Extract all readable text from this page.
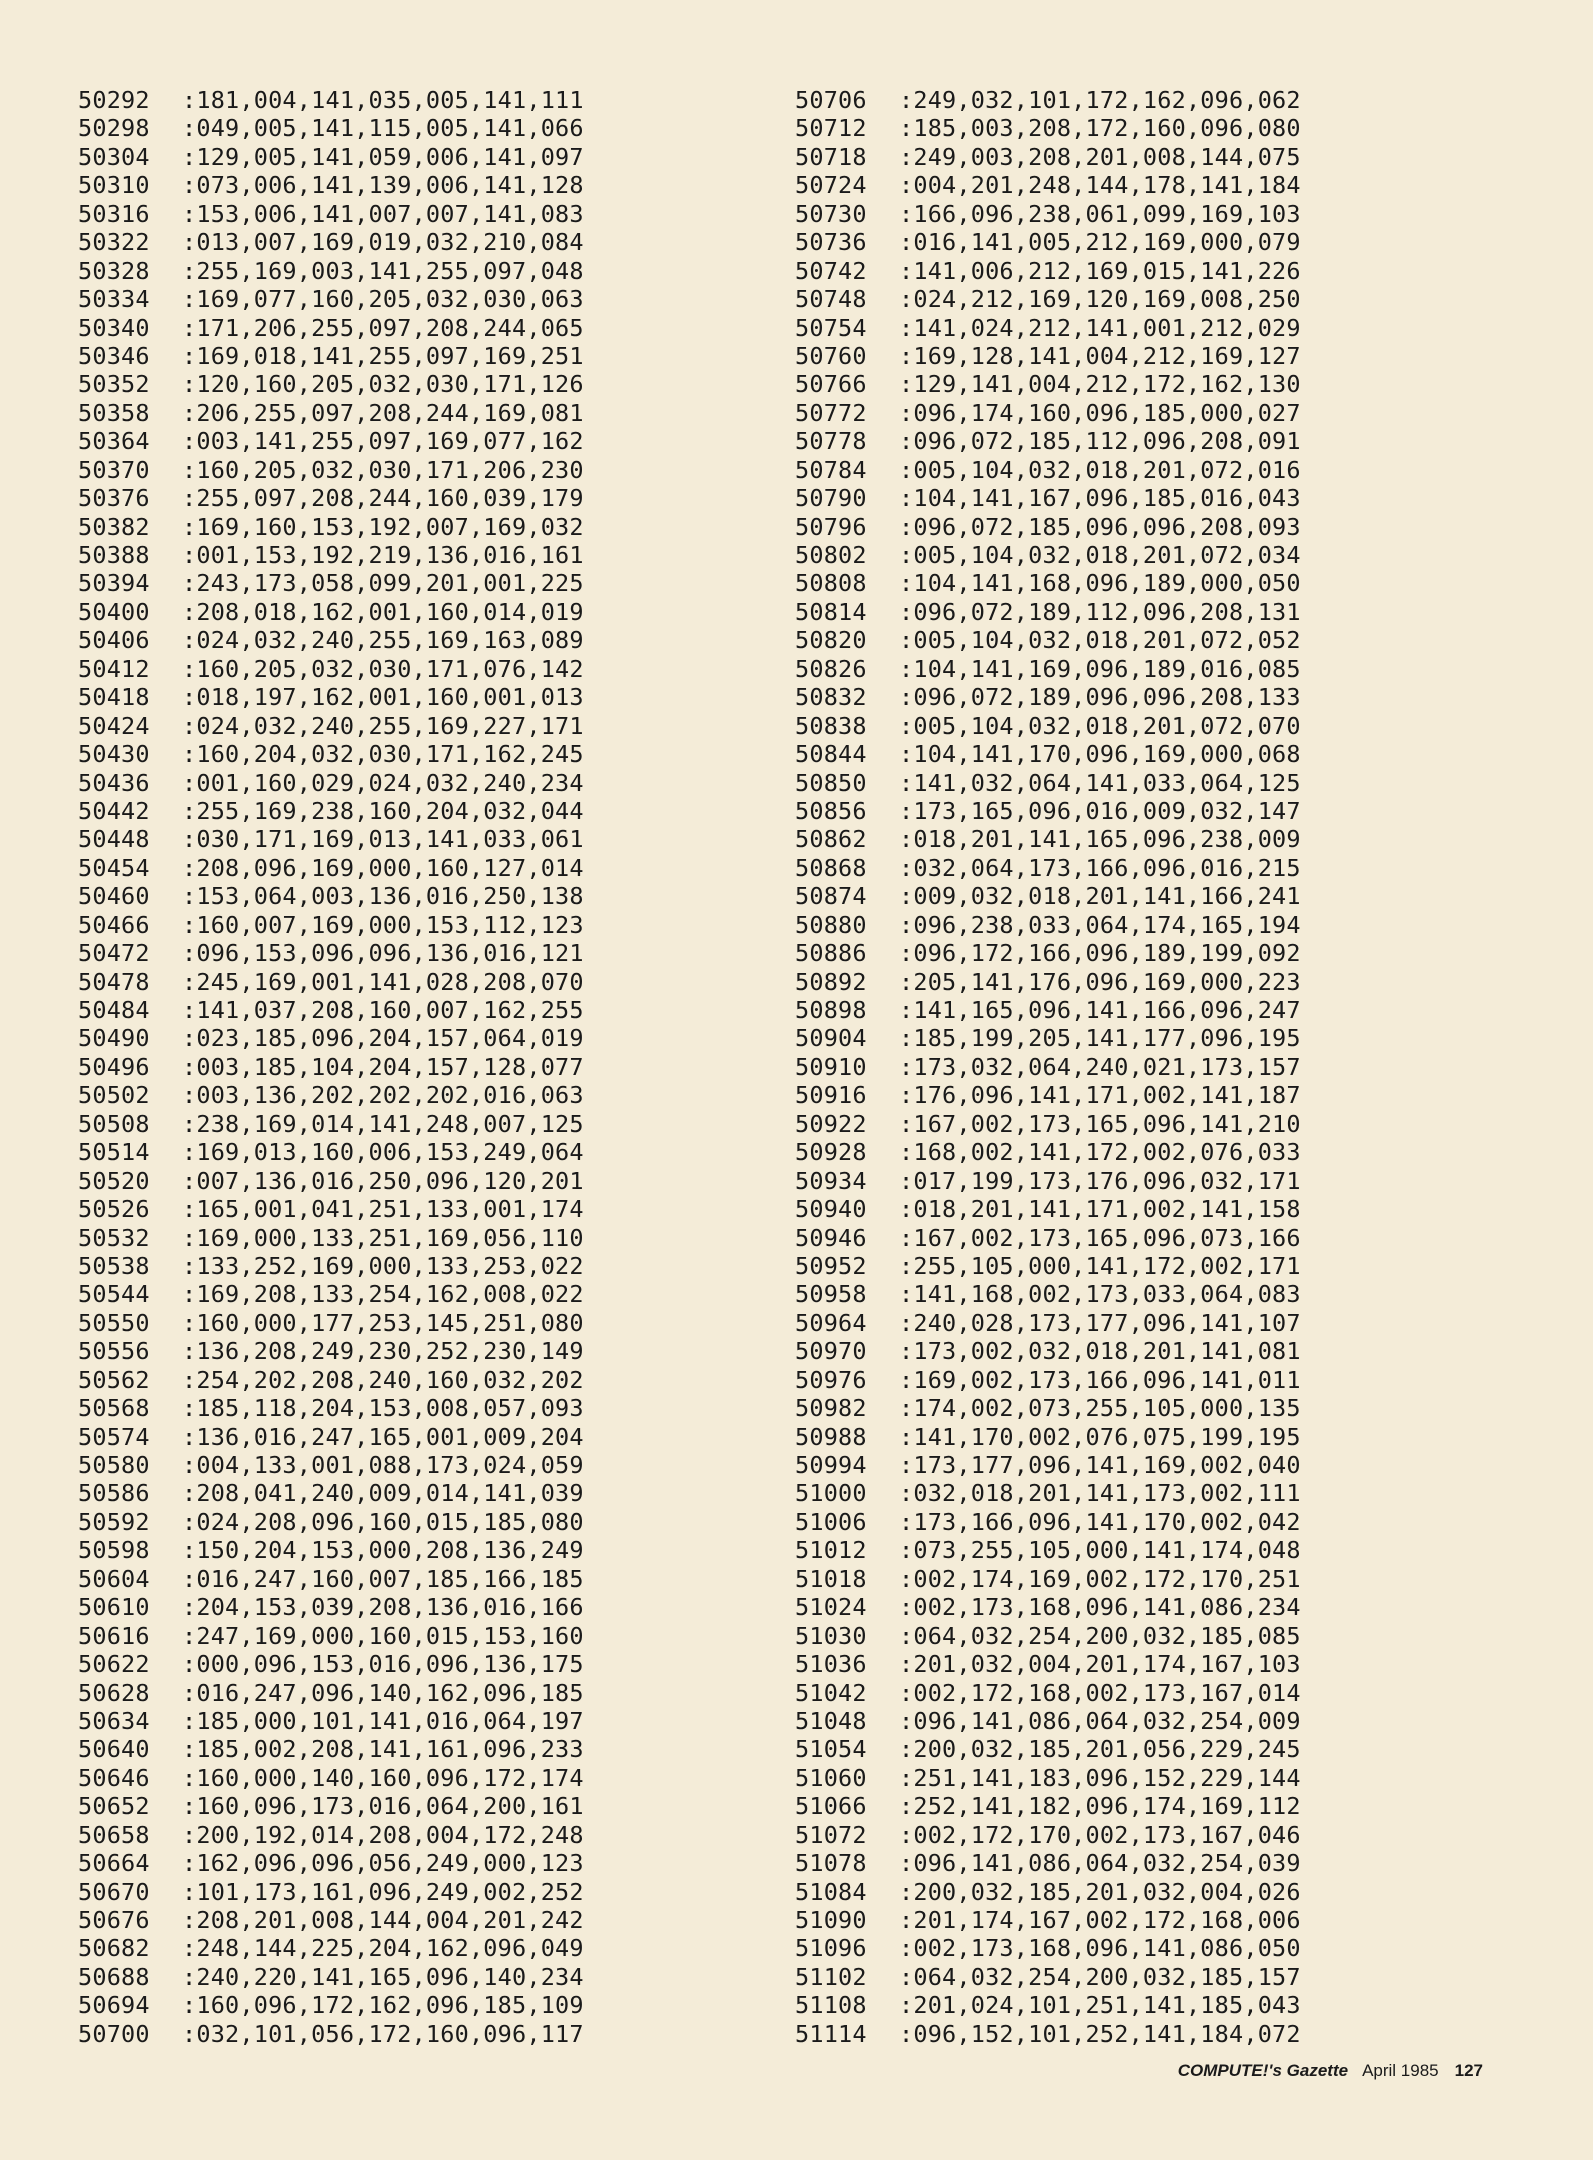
50292 :181,004,141,035,005,141,111
50298 :049,005,141,115,005,141,066
50304 :129,005,141,059,006,141,097
50310 :073,006,141,139,006,141,128
50316 :153,006,141,007,007,141,083
50322 :013,007,169,019,032,210,084
50328 :255,169,003,141,255,097,048
50334 :169,077,160,205,032,030,063
50340 :171,206,255,097,208,244,065
50346 :169,018,141,255,097,169,251
50352 :120,160,205,032,030,171,126
50358 :206,255,097,208,244,169,081
50364 :003,141,255,097,169,077,162
50370 :160,205,032,030,171,206,230
50376 :255,097,208,244,160,039,179
50382 :169,160,153,192,007,169,032
50388 :001,153,192,219,136,016,161
50394 :243,173,058,099,201,001,225
50400 :208,018,162,001,160,014,019
50406 :024,032,240,255,169,163,089
50412 :160,205,032,030,171,076,142
50418 :018,197,162,001,160,001,013
50424 :024,032,240,255,169,227,171
50430 :160,204,032,030,171,162,245
50436 :001,160,029,024,032,240,234
50442 :255,169,238,160,204,032,044
50448 :030,171,169,013,141,033,061
50454 :208,096,169,000,160,127,014
50460 :153,064,003,136,016,250,138
50466 :160,007,169,000,153,112,123
50472 :096,153,096,096,136,016,121
50478 :245,169,001,141,028,208,070
50484 :141,037,208,160,007,162,255
50490 :023,185,096,204,157,064,019
50496 :003,185,104,204,157,128,077
50502 :003,136,202,202,202,016,063
50508 :238,169,014,141,248,007,125
50514 :169,013,160,006,153,249,064
50520 :007,136,016,250,096,120,201
50526 :165,001,041,251,133,001,174
50532 :169,000,133,251,169,056,110
50538 :133,252,169,000,133,253,022
50544 :169,208,133,254,162,008,022
50550 :160,000,177,253,145,251,080
50556 :136,208,249,230,252,230,149
50562 :254,202,208,240,160,032,202
50568 :185,118,204,153,008,057,093
50574 :136,016,247,165,001,009,204
50580 :004,133,001,088,173,024,059
50586 :208,041,240,009,014,141,039
50592 :024,208,096,160,015,185,080
50598 :150,204,153,000,208,136,249
50604 :016,247,160,007,185,166,185
50610 :204,153,039,208,136,016,166
50616 :247,169,000,160,015,153,160
50622 :000,096,153,016,096,136,175
50628 :016,247,096,140,162,096,185
50634 :185,000,101,141,016,064,197
50640 :185,002,208,141,161,096,233
50646 :160,000,140,160,096,172,174
50652 :160,096,173,016,064,200,161
50658 :200,192,014,208,004,172,248
50664 :162,096,096,056,249,000,123
50670 :101,173,161,096,249,002,252
50676 :208,201,008,144,004,201,242
50682 :248,144,225,204,162,096,049
50688 :240,220,141,165,096,140,234
50694 :160,096,172,162,096,185,109
50700 :032,101,056,172,160,096,117
50706 :249,032,101,172,162,096,062
50712 :185,003,208,172,160,096,080
50718 :249,003,208,201,008,144,075
50724 :004,201,248,144,178,141,184
50730 :166,096,238,061,099,169,103
50736 :016,141,005,212,169,000,079
50742 :141,006,212,169,015,141,226
50748 :024,212,169,120,169,008,250
50754 :141,024,212,141,001,212,029
50760 :169,128,141,004,212,169,127
50766 :129,141,004,212,172,162,130
50772 :096,174,160,096,185,000,027
50778 :096,072,185,112,096,208,091
50784 :005,104,032,018,201,072,016
50790 :104,141,167,096,185,016,043
50796 :096,072,185,096,096,208,093
50802 :005,104,032,018,201,072,034
50808 :104,141,168,096,189,000,050
50814 :096,072,189,112,096,208,131
50820 :005,104,032,018,201,072,052
50826 :104,141,169,096,189,016,085
50832 :096,072,189,096,096,208,133
50838 :005,104,032,018,201,072,070
50844 :104,141,170,096,169,000,068
50850 :141,032,064,141,033,064,125
50856 :173,165,096,016,009,032,147
50862 :018,201,141,165,096,238,009
50868 :032,064,173,166,096,016,215
50874 :009,032,018,201,141,166,241
50880 :096,238,033,064,174,165,194
50886 :096,172,166,096,189,199,092
50892 :205,141,176,096,169,000,223
50898 :141,165,096,141,166,096,247
50904 :185,199,205,141,177,096,195
50910 :173,032,064,240,021,173,157
50916 :176,096,141,171,002,141,187
50922 :167,002,173,165,096,141,210
50928 :168,002,141,172,002,076,033
50934 :017,199,173,176,096,032,171
50940 :018,201,141,171,002,141,158
50946 :167,002,173,165,096,073,166
50952 :255,105,000,141,172,002,171
50958 :141,168,002,173,033,064,083
50964 :240,028,173,177,096,141,107
50970 :173,002,032,018,201,141,081
50976 :169,002,173,166,096,141,011
50982 :174,002,073,255,105,000,135
50988 :141,170,002,076,075,199,195
50994 :173,177,096,141,169,002,040
51000 :032,018,201,141,173,002,111
51006 :173,166,096,141,170,002,042
51012 :073,255,105,000,141,174,048
51018 :002,174,169,002,172,170,251
51024 :002,173,168,096,141,086,234
51030 :064,032,254,200,032,185,085
51036 :201,032,004,201,174,167,103
51042 :002,172,168,002,173,167,014
51048 :096,141,086,064,032,254,009
51054 :200,032,185,201,056,229,245
51060 :251,141,183,096,152,229,144
51066 :252,141,182,096,174,169,112
51072 :002,172,170,002,173,167,046
51078 :096,141,086,064,032,254,039
51084 :200,032,185,201,032,004,026
51090 :201,174,167,002,172,168,006
51096 :002,173,168,096,141,086,050
51102 :064,032,254,200,032,185,157
51108 :201,024,101,251,141,185,043
51114 :096,152,101,252,141,184,072
COMPUTE!'s Gazette April 1985 127
